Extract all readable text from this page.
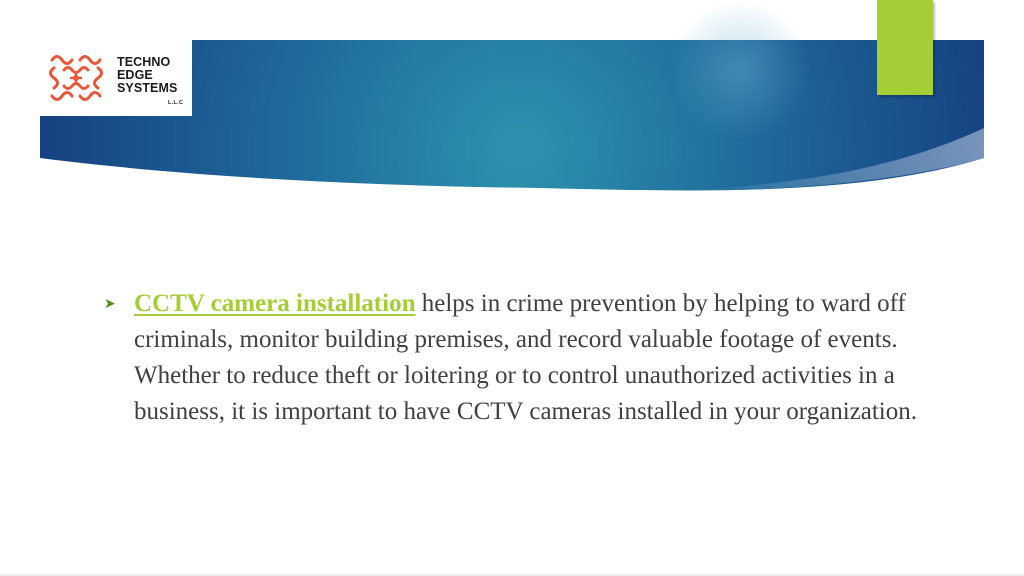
TECHNO
EDGE
SYSTEMS
L.L.C
➤ CCTV camera installation helps in crime prevention by helping to ward off criminals, monitor building premises, and record valuable footage of events. Whether to reduce theft or loitering or to control unauthorized activities in a business, it is important to have CCTV cameras installed in your organization.
